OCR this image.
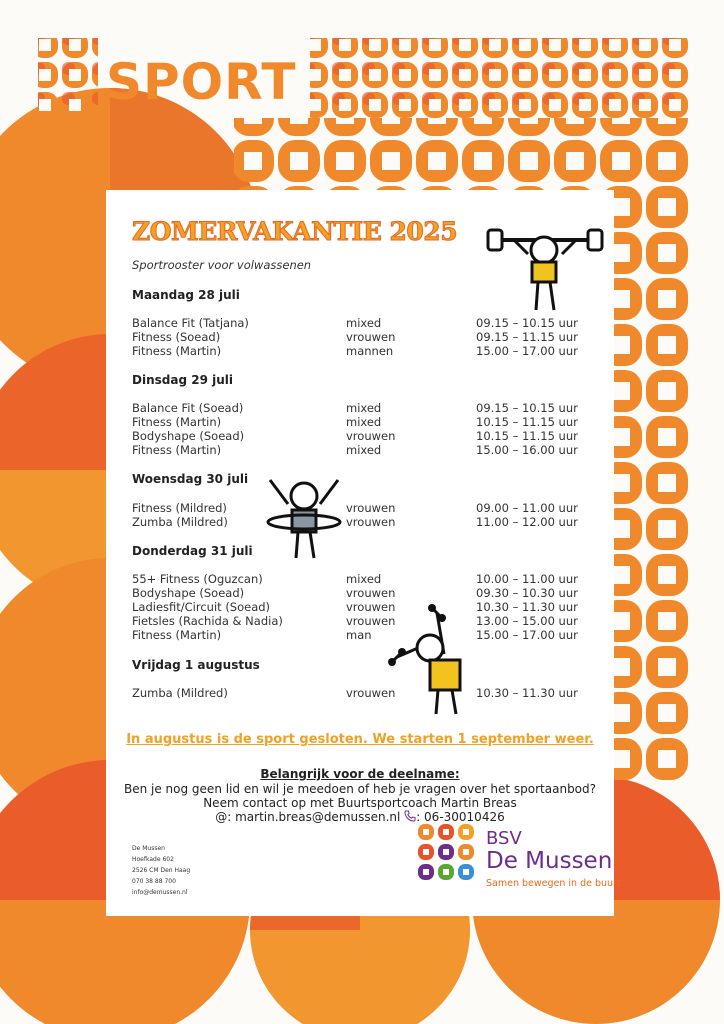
SPORT
ZOMERVAKANTIE 2025
Sportrooster voor volwassenen
Maandag 28 juli
Balance Fit (Tatjana)	mixed	09.15 – 10.15 uur
Fitness (Soead)	vrouwen	09.15 – 11.15 uur
Fitness (Martin)	mannen	15.00 – 17.00 uur
Dinsdag 29 juli
Balance Fit (Soead)	mixed	09.15 – 10.15 uur
Fitness (Martin)	mixed	10.15 – 11.15 uur
Bodyshape (Soead)	vrouwen	10.15 – 11.15 uur
Fitness (Martin)	mixed	15.00 – 16.00 uur
Woensdag 30 juli
Fitness (Mildred)	vrouwen	09.00 – 11.00 uur
Zumba (Mildred)	vrouwen	11.00 – 12.00 uur
Donderdag 31 juli
55+ Fitness (Oguzcan)	mixed	10.00 – 11.00 uur
Bodyshape (Soead)	vrouwen	09.30 – 10.30 uur
Ladiesfit/Circuit (Soead)	vrouwen	10.30 – 11.30 uur
Fietsles (Rachida & Nadia)	vrouwen	13.00 – 15.00 uur
Fitness (Martin)	man	15.00 – 17.00 uur
Vrijdag 1 augustus
Zumba (Mildred)	vrouwen	10.30 – 11.30 uur
In augustus is de sport gesloten. We starten 1 september weer.
Belangrijk voor de deelname:
Ben je nog geen lid en wil je meedoen of heb je vragen over het sportaanbod?
Neem contact op met Buurtsportcoach Martin Breas
@: martin.breas@demussen.nl : 06-30010426
De Mussen
Hoefkade 602
2526 CM Den Haag
070 38 88 700
info@demussen.nl
BSV
De Mussen
Samen bewegen in de buurt
